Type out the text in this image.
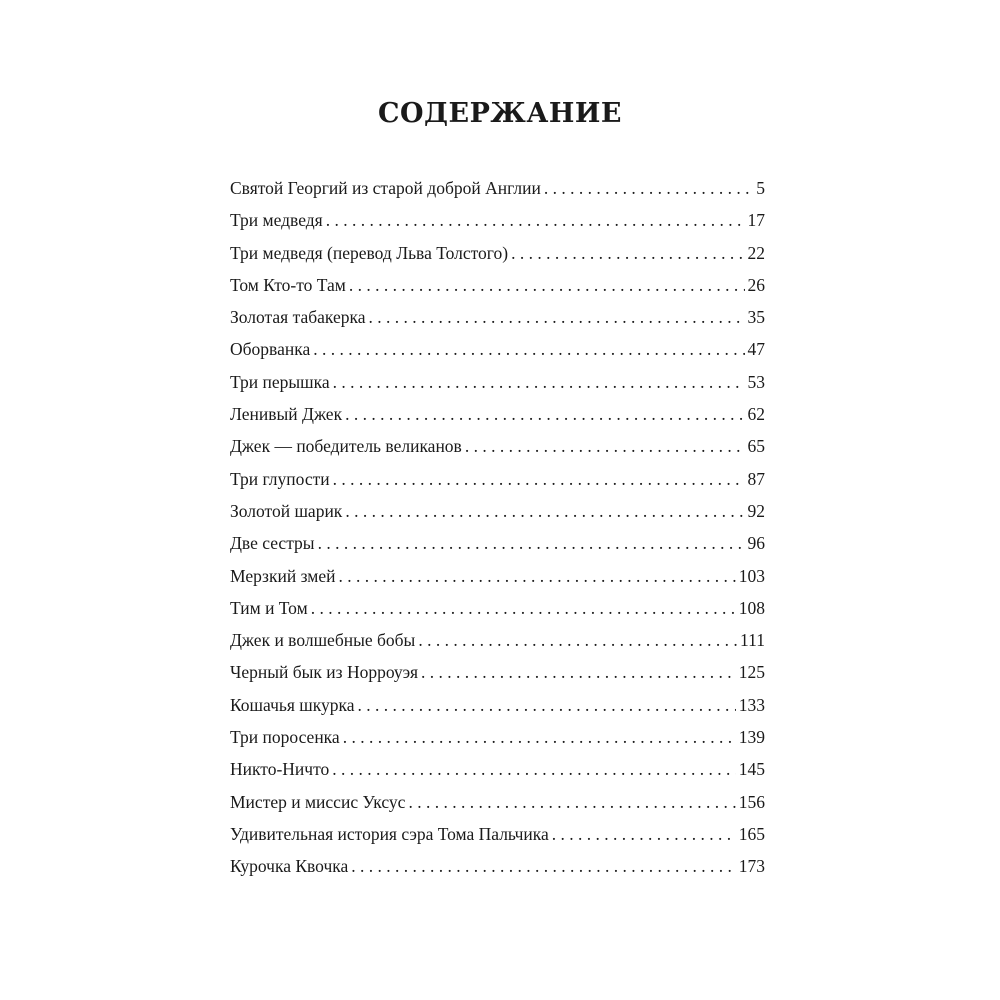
СОДЕРЖАНИЕ
Святой Георгий из старой доброй Англии . . .	5
Три медведя . . .	17
Три медведя (перевод Льва Толстого) . . .	22
Том Кто-то Там . . .	26
Золотая табакерка . . .	35
Оборванка . . .	47
Три перышка . . .	53
Ленивый Джек . . .	62
Джек — победитель великанов . . .	65
Три глупости . . .	87
Золотой шарик . . .	92
Две сестры . . .	96
Мерзкий змей . . .	103
Тим и Том . . .	108
Джек и волшебные бобы . . .	111
Черный бык из Норроуэя . . .	125
Кошачья шкурка . . .	133
Три поросенка . . .	139
Никто-Ничто . . .	145
Мистер и миссис Уксус . . .	156
Удивительная история сэра Тома Пальчика . . .	165
Курочка Квочка . . .	173
